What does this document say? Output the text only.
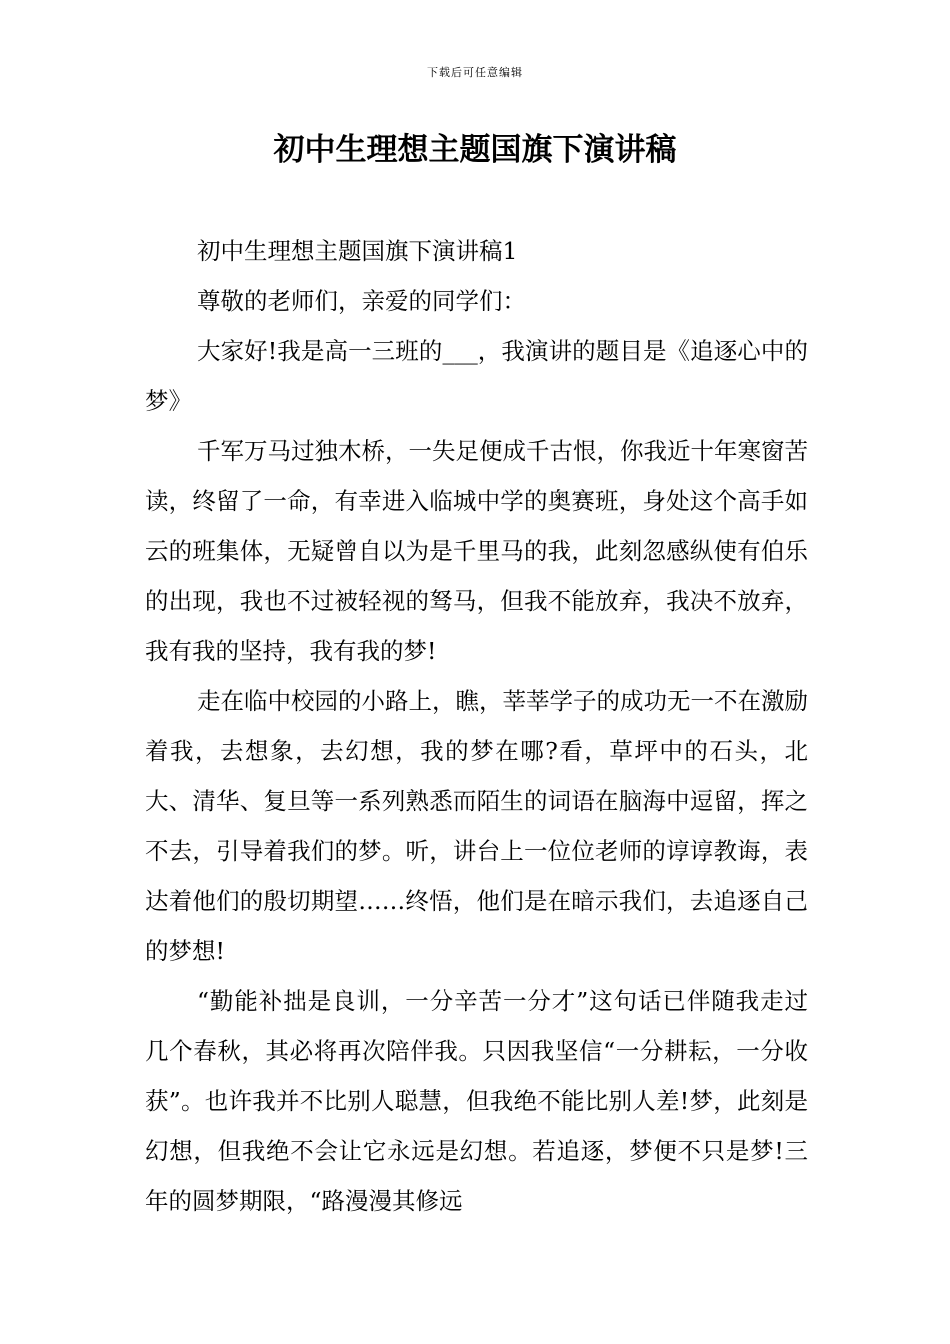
下载后可任意编辑
初中生理想主题国旗下演讲稿

初中生理想主题国旗下演讲稿1

尊敬的老师们，亲爱的同学们：

大家好!我是高一三班的___，我演讲的题目是《追逐心中的梦》

千军万马过独木桥，一失足便成千古恨，你我近十年寒窗苦读，终留了一命，有幸进入临城中学的奥赛班，身处这个高手如云的班集体，无疑曾自以为是千里马的我，此刻忽感纵使有伯乐的出现，我也不过被轻视的驽马，但我不能放弃，我决不放弃，我有我的坚持，我有我的梦!

走在临中校园的小路上，瞧，莘莘学子的成功无一不在激励着我，去想象，去幻想，我的梦在哪?看，草坪中的石头，北大、清华、复旦等一系列熟悉而陌生的词语在脑海中逗留，挥之不去，引导着我们的梦。听，讲台上一位位老师的谆谆教诲，表达着他们的殷切期望……终悟，他们是在暗示我们，去追逐自己的梦想!

“勤能补拙是良训，一分辛苦一分才”这句话已伴随我走过几个春秋，其必将再次陪伴我。只因我坚信“一分耕耘，一分收获”。也许我并不比别人聪慧，但我绝不能比别人差!梦，此刻是幻想，但我绝不会让它永远是幻想。若追逐，梦便不只是梦!三年的圆梦期限，“路漫漫其修远
